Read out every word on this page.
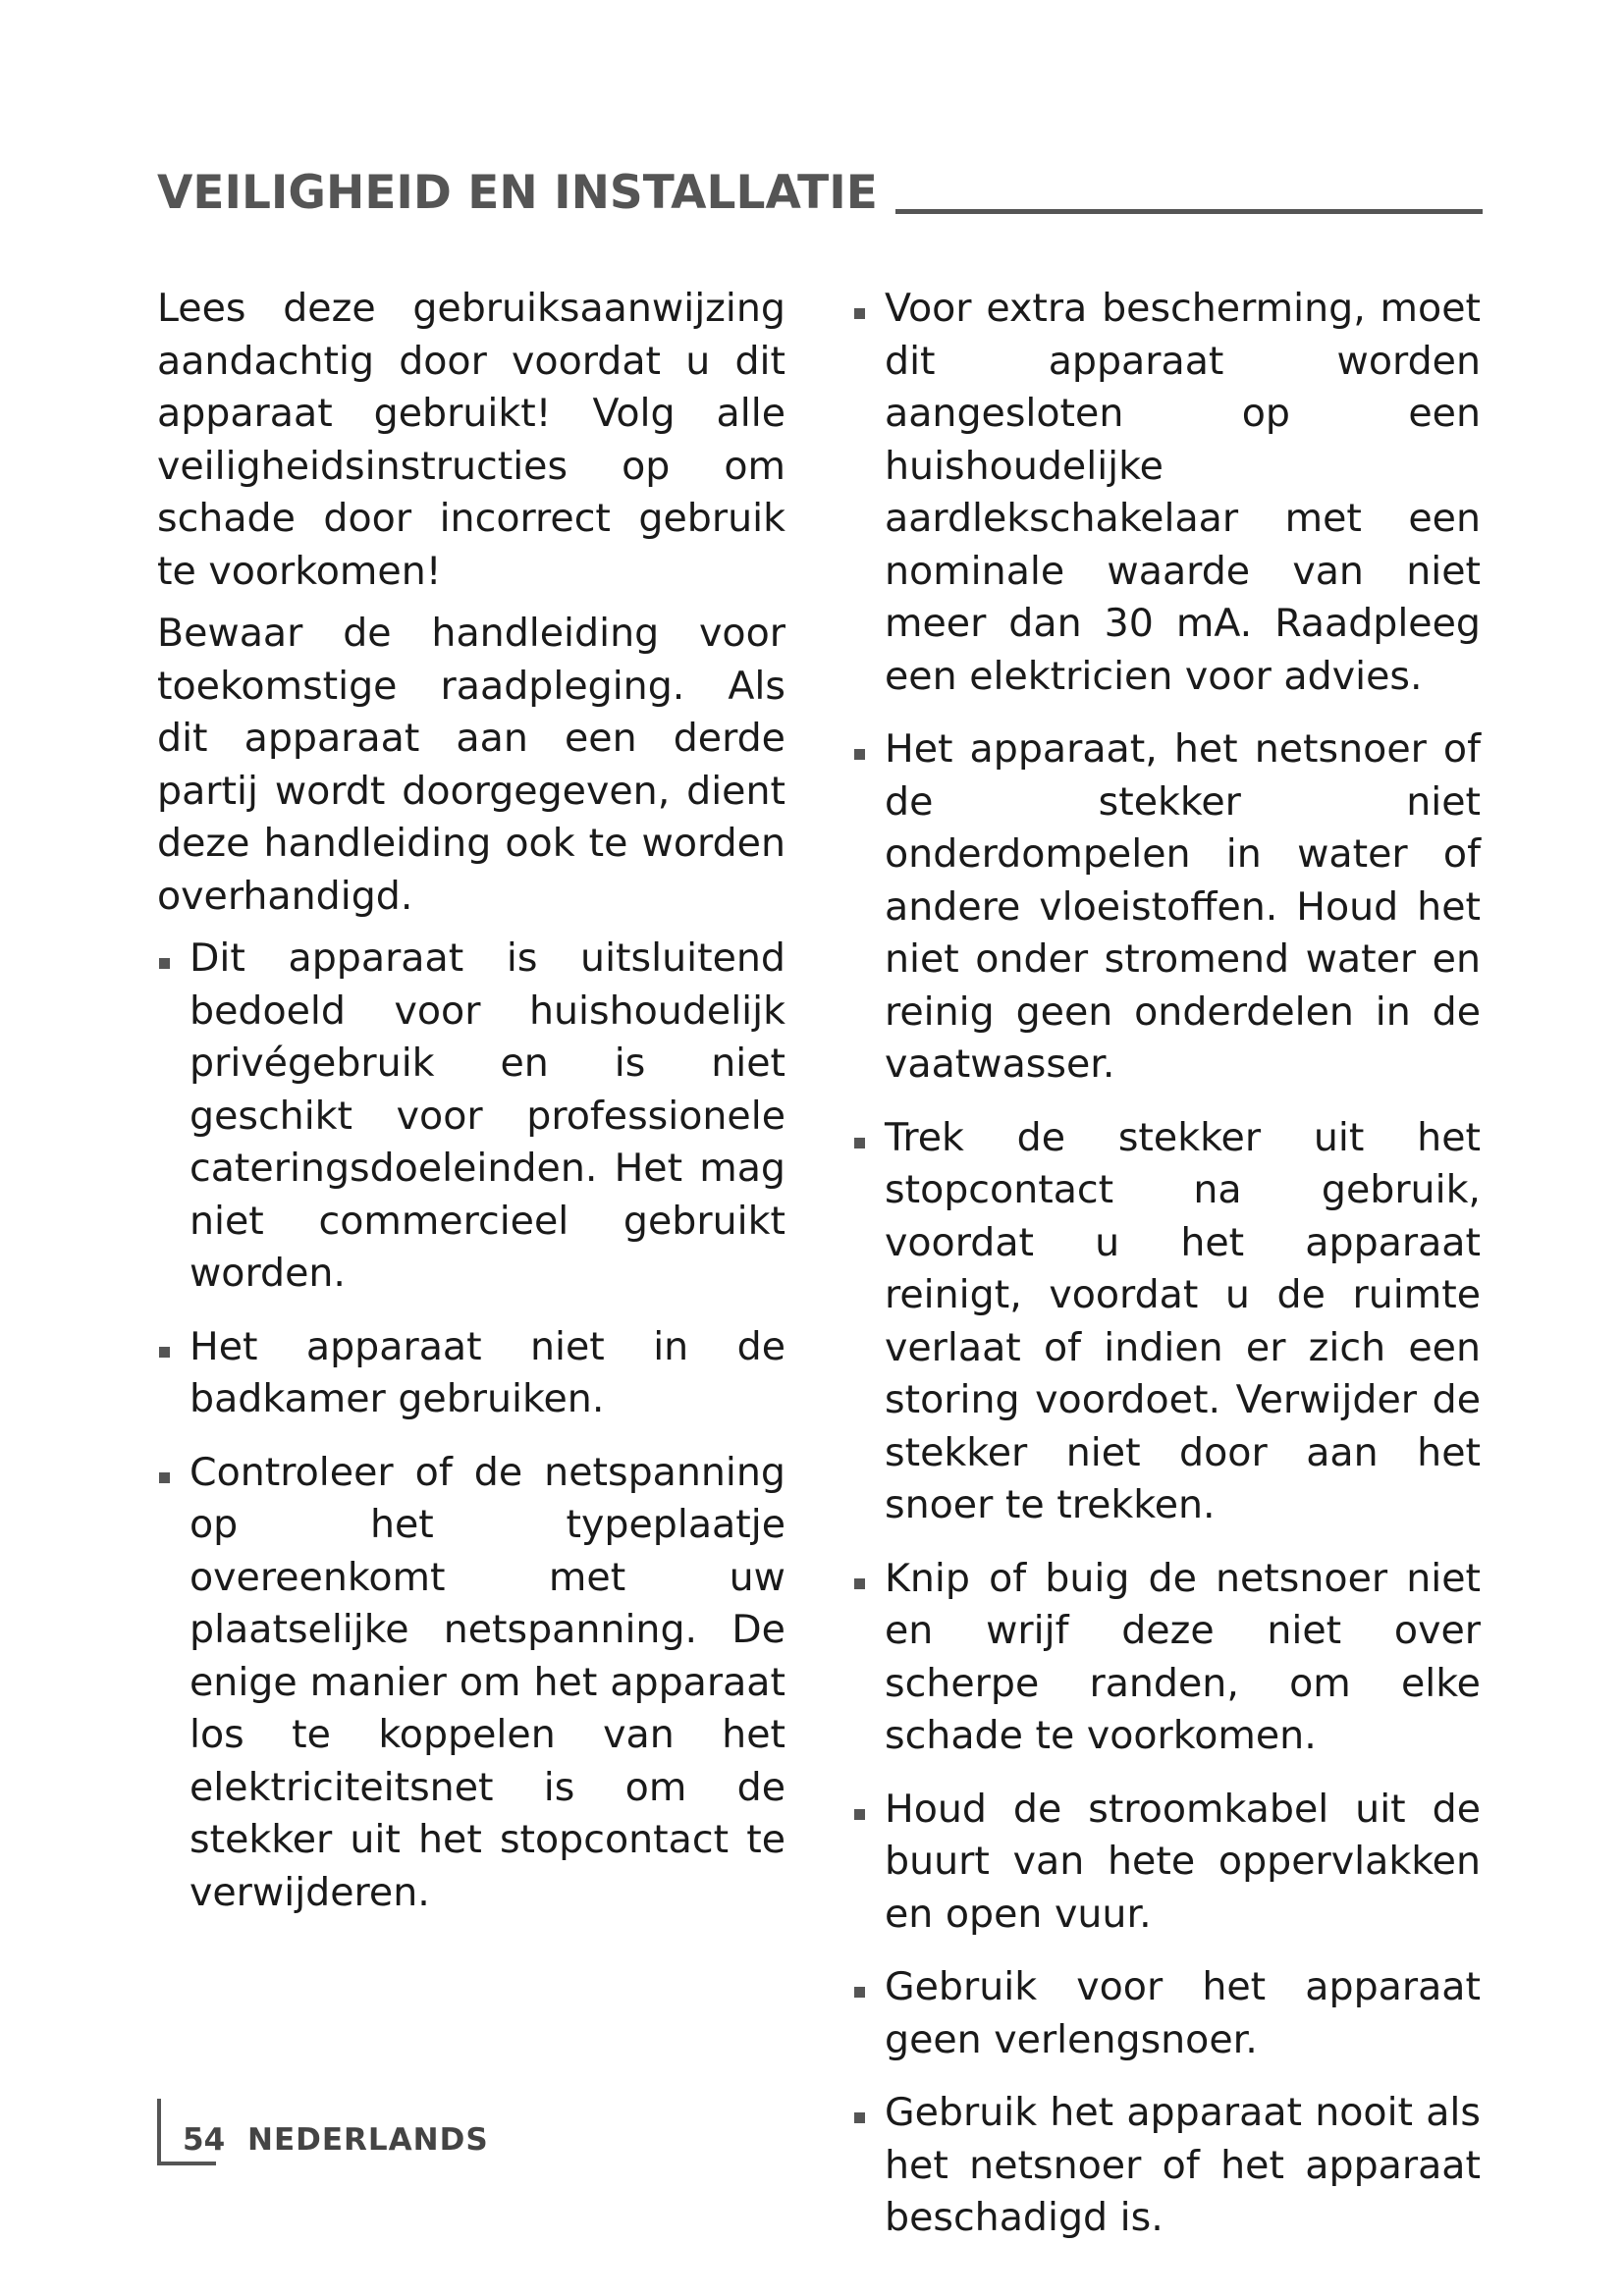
VEILIGHEID EN INSTALLATIE

Lees deze gebruiksaanwijzing aandachtig door voordat u dit apparaat gebruikt! Volg alle veiligheidsinstructies op om schade door incorrect gebruik te voorkomen!

Bewaar de handleiding voor toekomstige raadpleging. Als dit apparaat aan een derde partij wordt doorgegeven, dient deze handleiding ook te worden overhandigd.

Dit apparaat is uitsluitend bedoeld voor huishoudelijk privégebruik en is niet geschikt voor professionele cateringsdoeleinden. Het mag niet commercieel gebruikt worden.
Het apparaat niet in de badkamer gebruiken.
Controleer of de netspanning op het typeplaatje overeenkomt met uw plaatselijke netspanning. De enige manier om het apparaat los te koppelen van het elektriciteitsnet is om de stekker uit het stopcontact te verwijderen.
Voor extra bescherming, moet dit apparaat worden aangesloten op een huishoudelijke aardlekschakelaar met een nominale waarde van niet meer dan 30 mA. Raadpleeg een elektricien voor advies.
Het apparaat, het netsnoer of de stekker niet onderdompelen in water of andere vloeistoffen. Houd het niet onder stromend water en reinig geen onderdelen in de vaatwasser.
Trek de stekker uit het stopcontact na gebruik, voordat u het apparaat reinigt, voordat u de ruimte verlaat of indien er zich een storing voordoet. Verwijder de stekker niet door aan het snoer te trekken.
Knip of buig de netsnoer niet en wrijf deze niet over scherpe randen, om elke schade te voorkomen.
Houd de stroomkabel uit de buurt van hete oppervlakken en open vuur.
Gebruik voor het apparaat geen verlengsnoer.
Gebruik het apparaat nooit als het netsnoer of het apparaat beschadigd is.
54 NEDERLANDS
